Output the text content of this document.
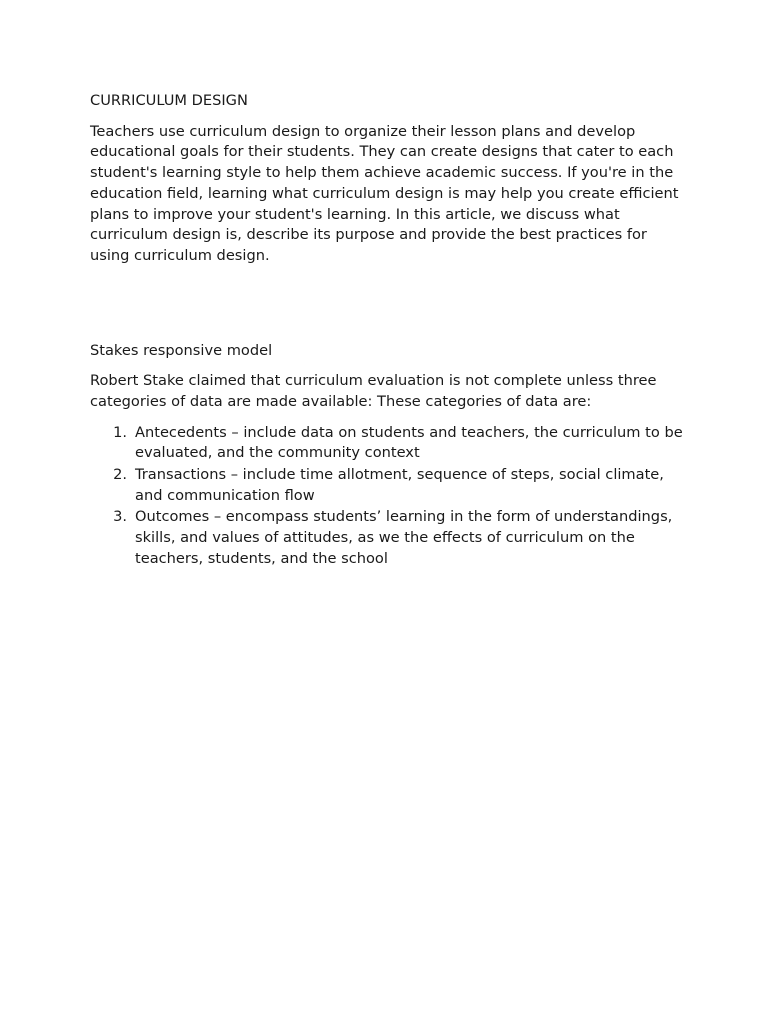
CURRICULUM DESIGN

Teachers use curriculum design to organize their lesson plans and develop educational goals for their students. They can create designs that cater to each student's learning style to help them achieve academic success. If you're in the education field, learning what curriculum design is may help you create efficient plans to improve your student's learning. In this article, we discuss what curriculum design is, describe its purpose and provide the best practices for using curriculum design.

Stakes responsive model

Robert Stake claimed that curriculum evaluation is not complete unless three categories of data are made available: These categories of data are:

1. Antecedents – include data on students and teachers, the curriculum to be evaluated, and the community context
2. Transactions – include time allotment, sequence of steps, social climate, and communication flow
3. Outcomes – encompass students’ learning in the form of understandings, skills, and values of attitudes, as we the effects of curriculum on the teachers, students, and the school
